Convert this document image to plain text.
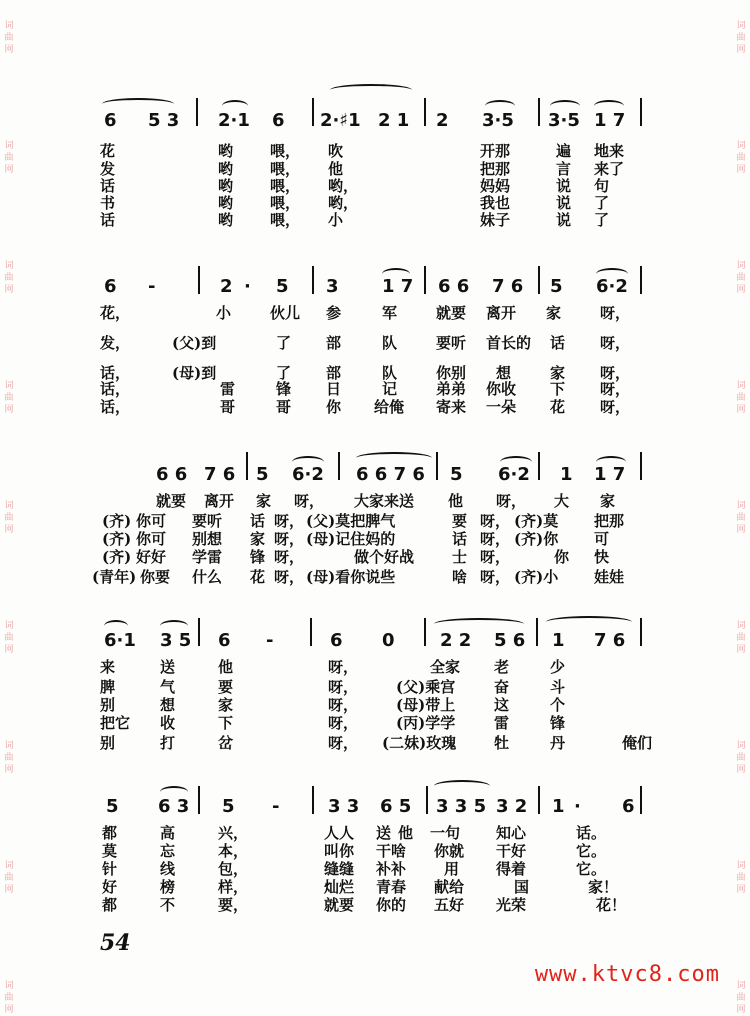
词
曲
网
词
曲
网
词
曲
网
词
曲
网
词
曲
网
词
曲
网
词
曲
网
词
曲
网
词
曲
网
词
曲
网
词
曲
网
词
曲
网
词
曲
网
词
曲
网
词
曲
网
词
曲
网
词
曲
网
词
曲
网
6 5 3 2·1 6 2·♯1 2 1 2 3·5 3·5 1 7
花	哟 喂， 吹	开那	遍 地来
发	哟 喂， 他	把那	言 来了
话	哟 喂， 哟，	妈妈	说 句
书	哟 喂， 哟，	我也	说 了
话	哟 喂， 小	妹子	说 了
6 -	2 · 5 3 1 7 6 6 7 6 5 6·2
花，	小	伙儿 参	军	就要 离开 家	呀，
发，	(父)到	了 部	队	要听 首长的 话 呀，
话，	(母)到	了 部	队	你别 想	家 呀，
话，	雷	锋 日	记	弟弟 你收 下 呀，
话，	哥	哥 你 给俺 寄来 一朵 花 呀，
6 6 7 6 5 6·2 6 6 7 6 5 6·2 1 1 7
就要 离开 家 呀， 大家来送 他 呀， 大 家
(齐) 你可 要听 话 呀， (父)莫把脾气	要 呀， (齐)莫 把那
(齐) 你可 别想 家 呀， (母)记住妈的	话 呀， (齐)你 可
(齐) 好好 学雷 锋 呀，	做个好战	士 呀，	你 快
(青年) 你要 什么 花 呀， (母)看你说些	啥 呀， (齐)小 娃娃
6·1 3 5 6 -	6 0	2 2 5 6 1 7 6
来	送	他	呀，	全家 老	少
脾	气	要	呀，	(父)乘宫	奋	斗
别	想	家	呀，	(母)带上	这	个
把它 收	下	呀，	(丙)学学	雷	锋
别	打	岔	呀， (二妹)玫瑰	牡	丹	俺们
5 6 3 5 -	3 3 6 5 3 3 5 3 2 1 · 6
都	高	兴，	人人 送 他 一句 知心	话。
莫	忘	本，	叫你 干啥 你就 干好	它。
针	线	包，	缝缝 补补	用 得着	它。
好	榜	样，	灿烂 青春 献给	国	家！
都	不	要，	就要 你的 五好 光荣	花！
54
www.ktvc8.com
